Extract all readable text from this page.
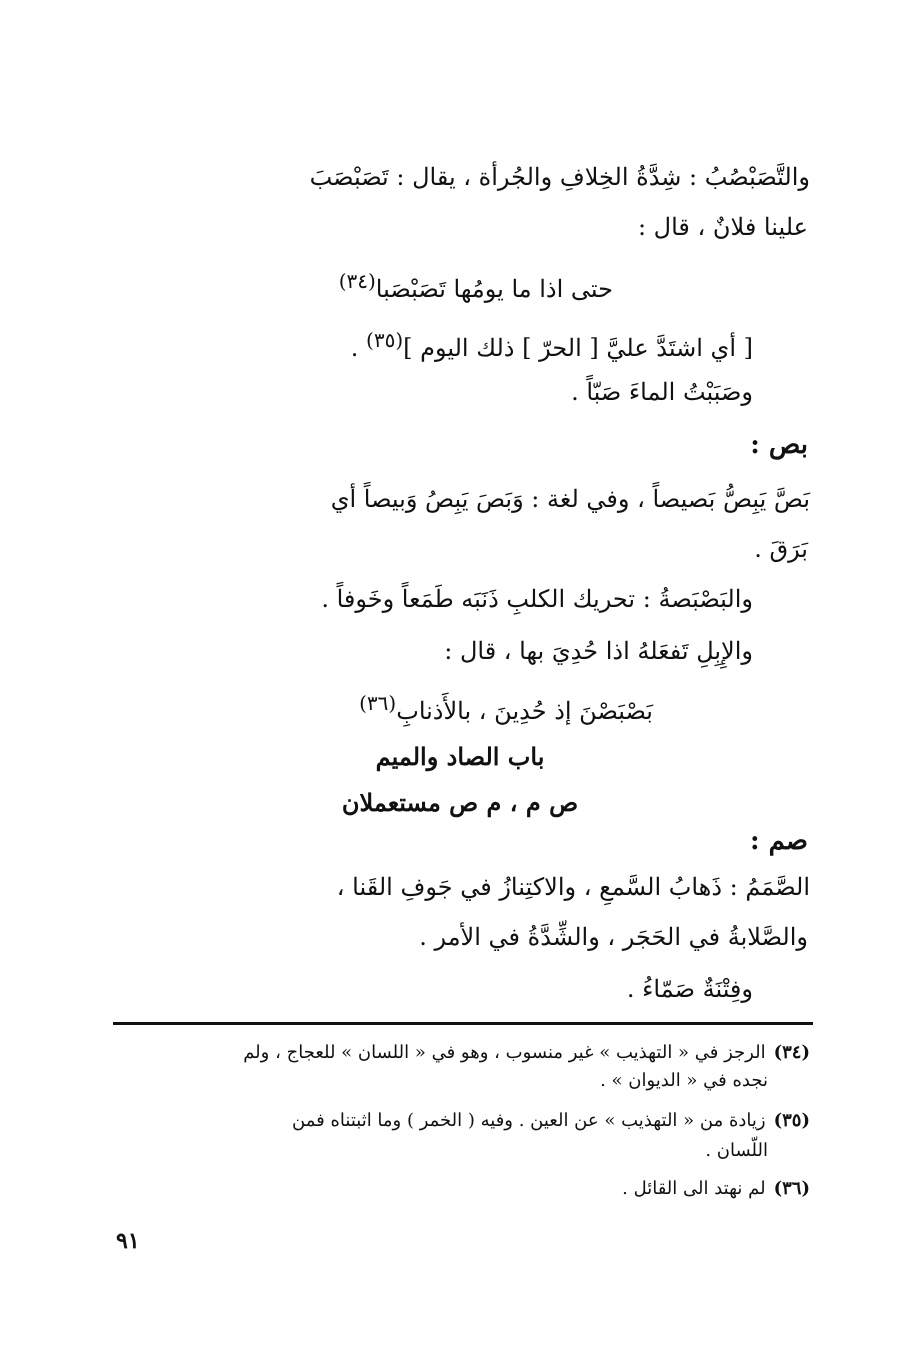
والتَّصَبْصُبُ : شِدَّةُ الخِلافِ والجُرأة ، يقال : تَصَبْصَبَ
علينا فلانٌ ، قال :
حتى اذا ما يومُها تَصَبْصَبا$^{(٣٤)}$
[ أي اشتَدَّ عليَّ [ الحرّ ] ذلك اليوم ]$^{(٣٥)}$ .
وصَبَبْتُ الماءَ صَبّاً .
بص :
بَصَّ يَبِصُّ بَصيصاً ، وفي لغة : وَبَصَ يَبِصُ وَبيصاً أي
بَرَقَ .
والبَصْبَصةُ : تحريك الكلبِ ذَنَبَه طَمَعاً وخَوفاً .
والإِبِلِ تَفعَلهُ اذا حُدِيَ بها ، قال :
بَصْبَصْنَ إذ حُدِينَ ، بالأَذنابِ$^{(٣٦)}$
باب الصاد والميم
ص م ، م ص مستعملان
صم :
الصَّمَمُ : ذَهابُ السَّمعِ ، والاكتِنازُ في جَوفِ القَنا ،
والصَّلابةُ في الحَجَر ، والشِّدَّةُ في الأمر .
وفِتْنَةٌ صَمّاءُ .
(٣٤)الرجز في « التهذيب » غير منسوب ، وهو في « اللسان » للعجاج ، ولم
نجده في « الديوان » .
(٣٥)زيادة من « التهذيب » عن العين . وفيه ( الخمر ) وما اثبتناه فمن
اللّسان .
(٣٦)لم نهتد الى القائل .
٩١
